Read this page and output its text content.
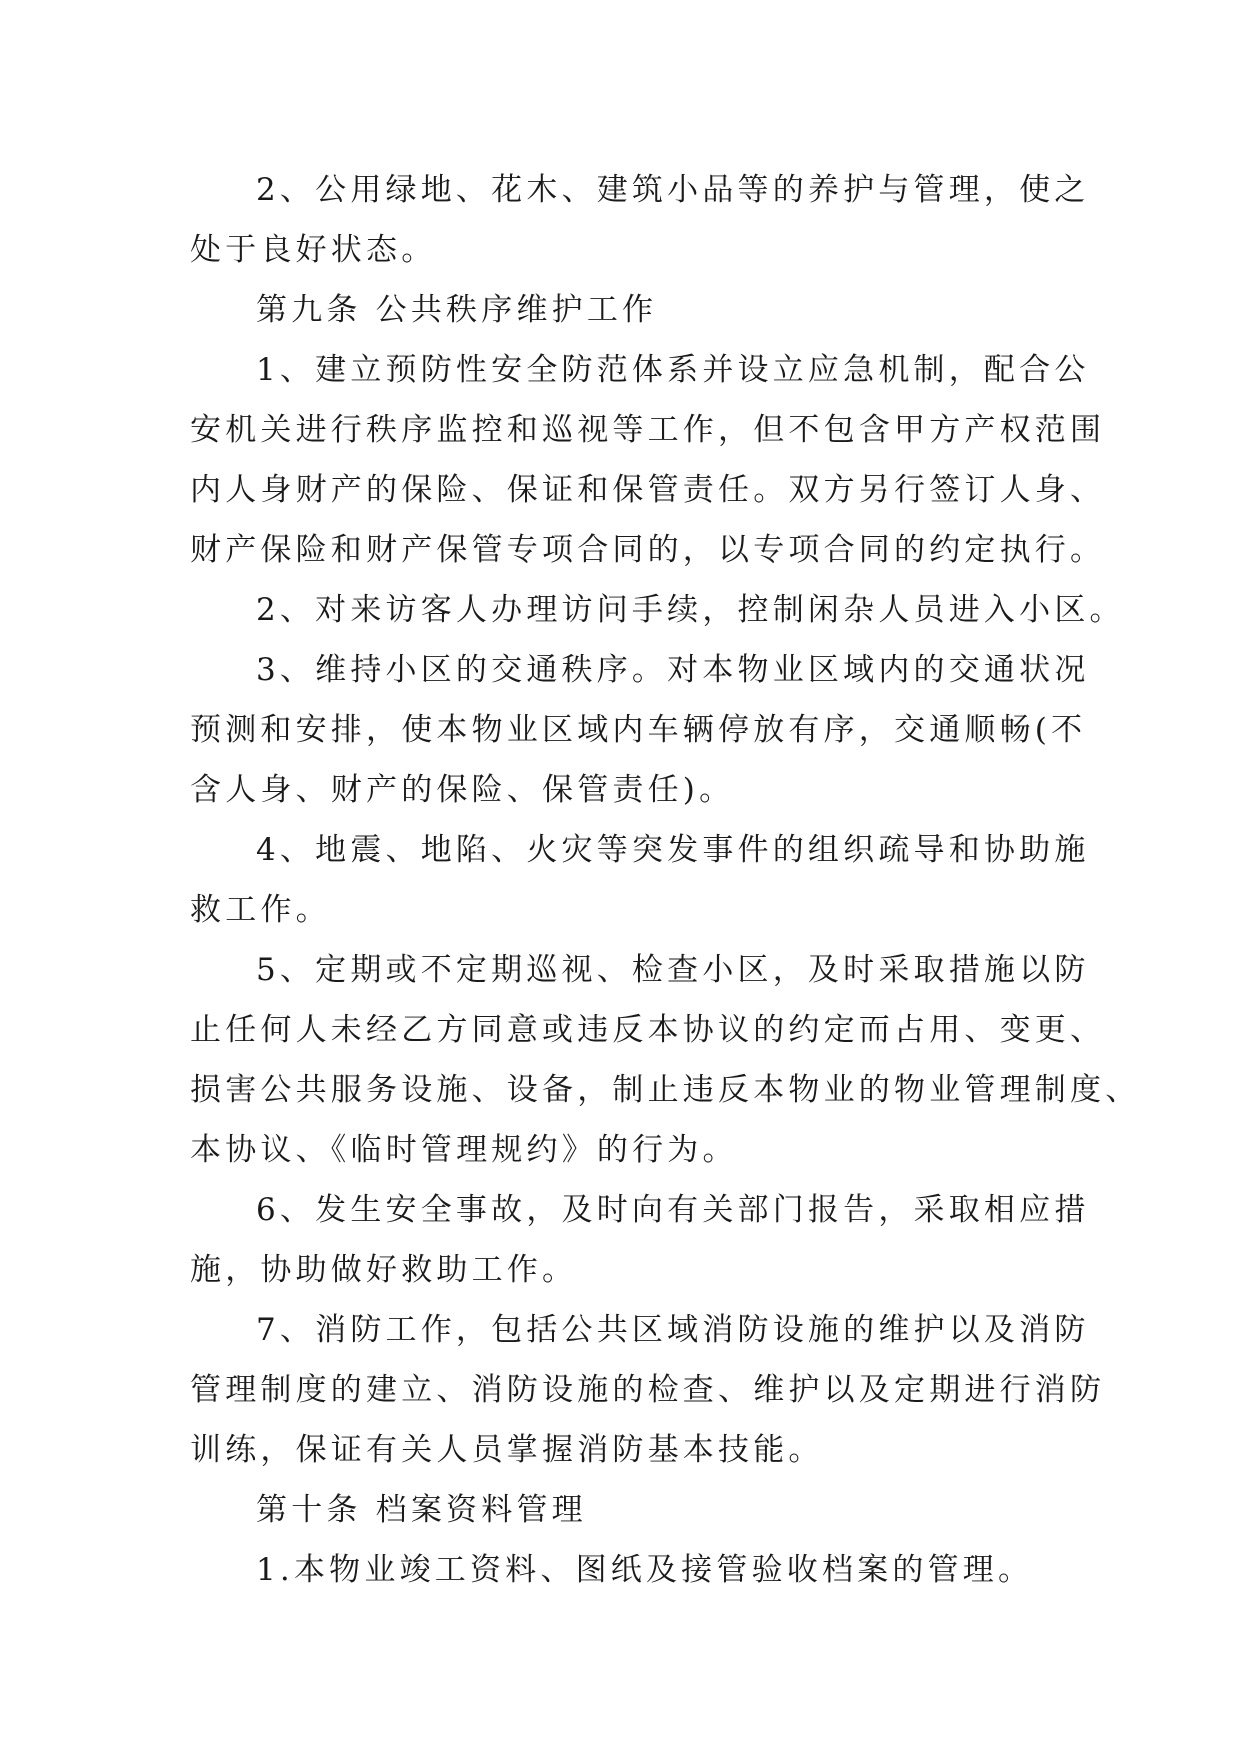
2、公用绿地、花木、建筑小品等的养护与管理，使之
处于良好状态。

第九条 公共秩序维护工作

1、建立预防性安全防范体系并设立应急机制，配合公
安机关进行秩序监控和巡视等工作，但不包含甲方产权范围
内人身财产的保险、保证和保管责任。双方另行签订人身、
财产保险和财产保管专项合同的，以专项合同的约定执行。

2、对来访客人办理访问手续，控制闲杂人员进入小区。

3、维持小区的交通秩序。对本物业区域内的交通状况
预测和安排，使本物业区域内车辆停放有序，交通顺畅(不
含人身、财产的保险、保管责任)。

4、地震、地陷、火灾等突发事件的组织疏导和协助施
救工作。

5、定期或不定期巡视、检查小区，及时采取措施以防
止任何人未经乙方同意或违反本协议的约定而占用、变更、
损害公共服务设施、设备，制止违反本物业的物业管理制度、
本协议、《临时管理规约》的行为。

6、发生安全事故，及时向有关部门报告，采取相应措
施，协助做好救助工作。

7、消防工作，包括公共区域消防设施的维护以及消防
管理制度的建立、消防设施的检查、维护以及定期进行消防
训练，保证有关人员掌握消防基本技能。

第十条 档案资料管理

1.本物业竣工资料、图纸及接管验收档案的管理。
